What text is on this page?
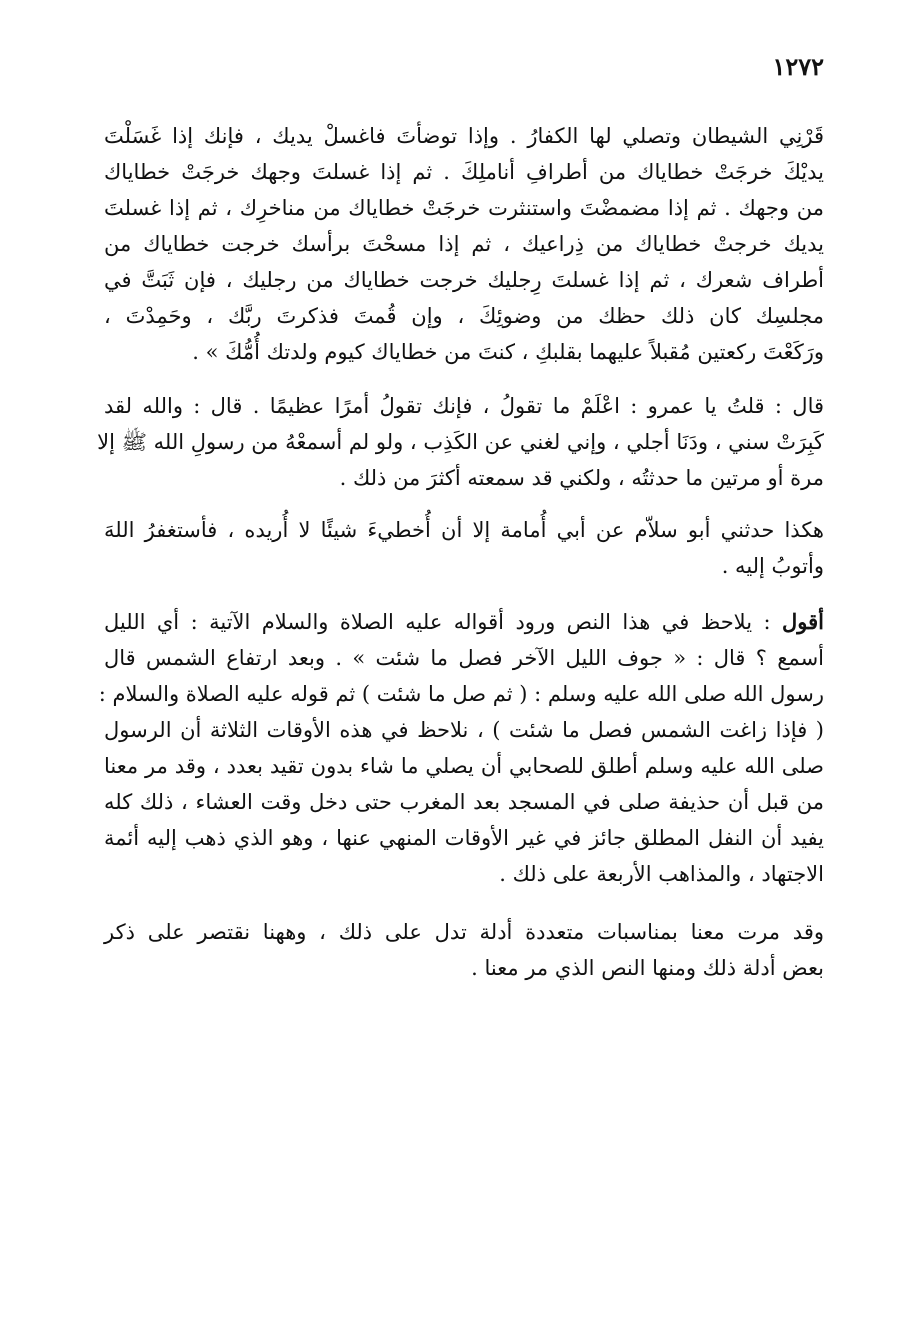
١٢٧٢
قَرْنِي الشيطان وتصلي لها الكفارُ . وإذا توضأتَ فاغسلْ يديك ، فإنك إذا غَسَلْتَ
يديْكَ خرجَتْ خطاياك من أطرافِ أناملِكَ . ثم إذا غسلتَ وجهك خرجَتْ خطاياك
من وجهك . ثم إذا مضمضْتَ واستنثرت خرجَتْ خطاياك من مناخرِك ، ثم إذا غسلتَ
يديك خرجتْ خطاياك من ذِراعيك ، ثم إذا مسحْتَ برأسك خرجت خطاياك من
أطراف شعرك ، ثم إذا غسلتَ رِجليك خرجت خطاياك من رجليك ، فإن ثَبَتَّ في
مجلسِك كان ذلك حظك من وضوئِكَ ، وإن قُمتَ فذكرتَ ربَّك ، وحَمِدْتَ ،
ورَكَعْتَ ركعتين مُقبلاً عليهما بقلبكِ ، كنتَ من خطاياك كيوم ولدتك أُمُّكَ » .
قال : قلتُ يا عمرو : اعْلَمْ ما تقولُ ، فإنك تقولُ أمرًا عظيمًا . قال : والله لقد
كَبِرَتْ سني ، ودَنَا أجلي ، وإني لغني عن الكَذِب ، ولو لم أسمعْهُ من رسولِ الله ﷺ إلا
مرة أو مرتين ما حدثتُه ، ولكني قد سمعته أكثرَ من ذلك .
هكذا حدثني أبو سلاّم عن أبي أُمامة إلا أن أُخطيءَ شيئًا لا أُريده ، فأستغفرُ اللهَ
وأتوبُ إليه .
أقول : يلاحظ في هذا النص ورود أقواله عليه الصلاة والسلام الآتية : أي الليل
أسمع ؟ قال : « جوف الليل الآخر فصل ما شئت » . وبعد ارتفاع الشمس قال
رسول الله صلى الله عليه وسلم : ( ثم صل ما شئت ) ثم قوله عليه الصلاة والسلام :
( فإذا زاغت الشمس فصل ما شئت ) ، نلاحظ في هذه الأوقات الثلاثة أن الرسول
صلى الله عليه وسلم أطلق للصحابي أن يصلي ما شاء بدون تقيد بعدد ، وقد مر معنا
من قبل أن حذيفة صلى في المسجد بعد المغرب حتى دخل وقت العشاء ، ذلك كله
يفيد أن النفل المطلق جائز في غير الأوقات المنهي عنها ، وهو الذي ذهب إليه أئمة
الاجتهاد ، والمذاهب الأربعة على ذلك .
وقد مرت معنا بمناسبات متعددة أدلة تدل على ذلك ، وههنا نقتصر على ذكر
بعض أدلة ذلك ومنها النص الذي مر معنا .
